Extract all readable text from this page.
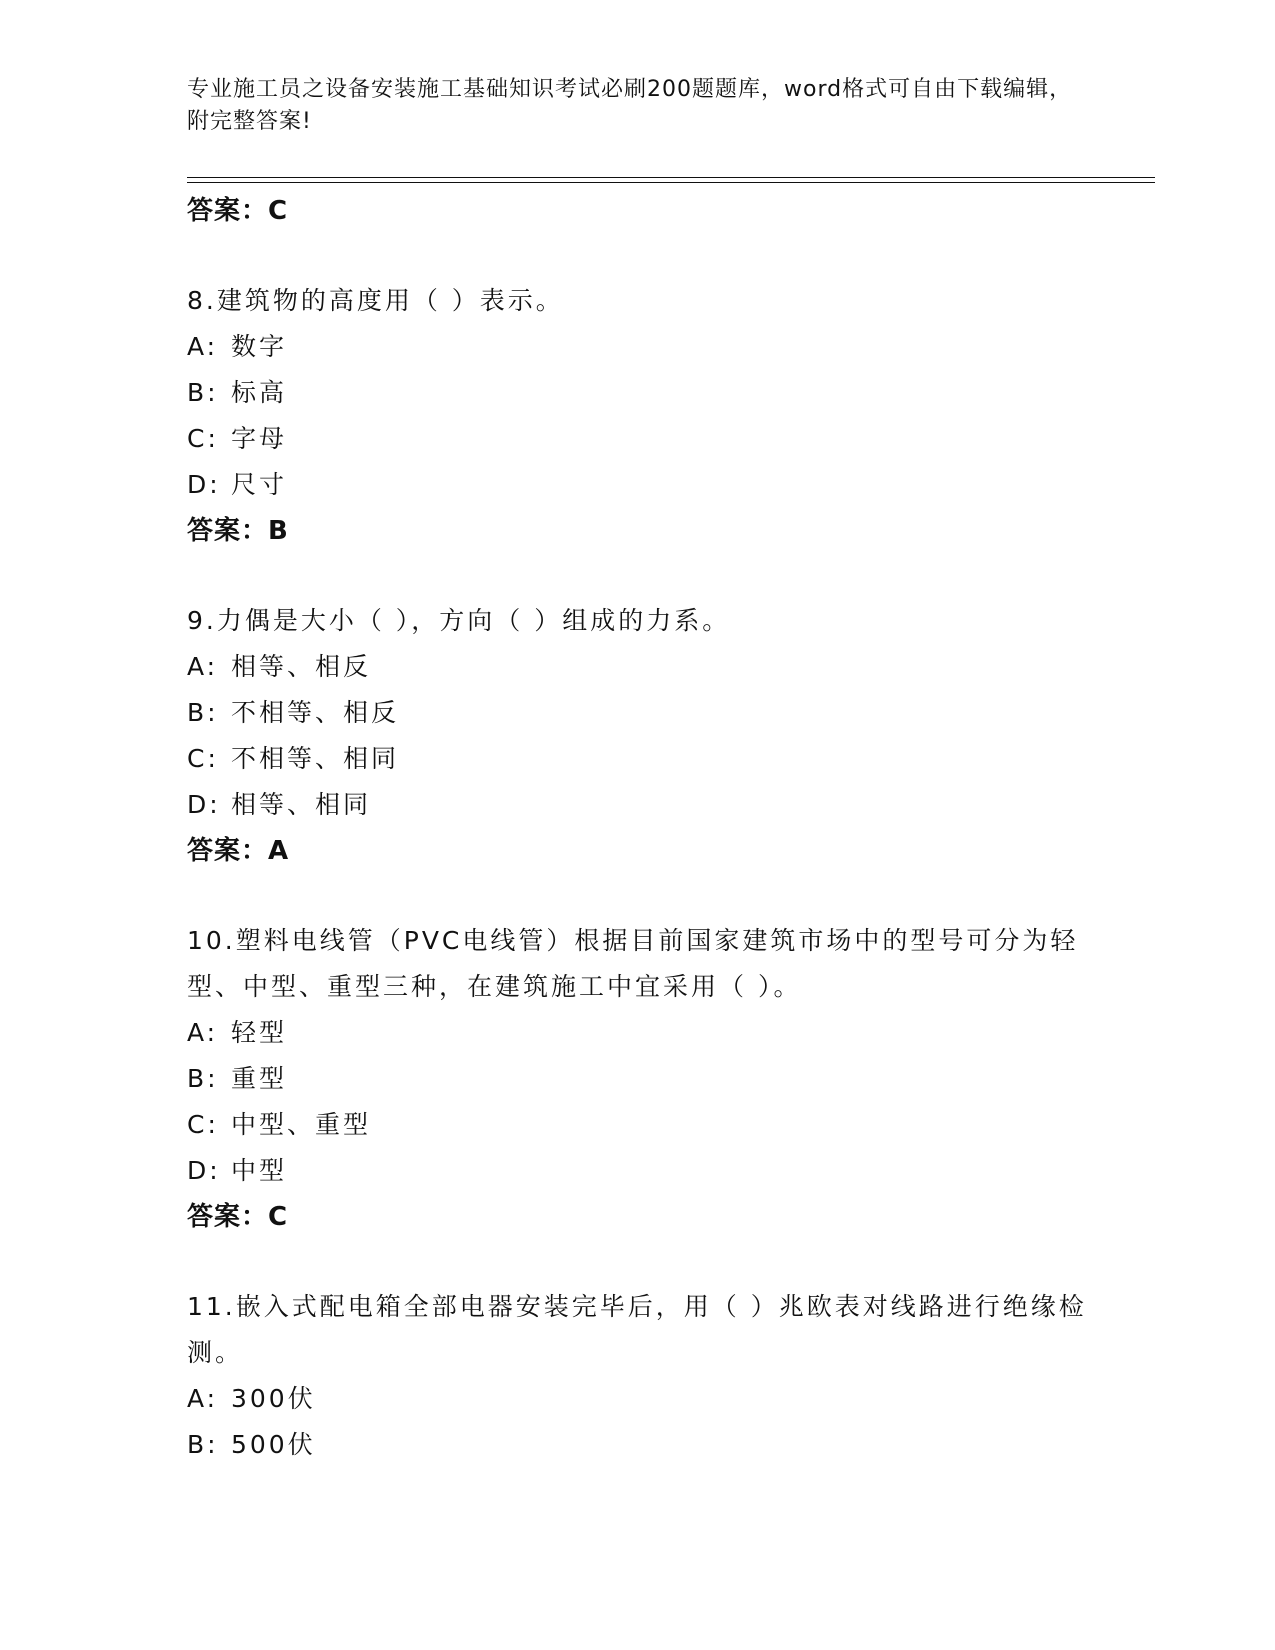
专业施工员之设备安装施工基础知识考试必刷200题题库，word格式可自由下载编辑，附完整答案!

答案：C

8.建筑物的高度用（ ）表示。

A: 数字

B: 标高

C: 字母

D: 尺寸

答案：B

9.力偶是大小（ ），方向（ ）组成的力系。

A: 相等、相反

B: 不相等、相反

C: 不相等、相同

D: 相等、相同

答案：A

10.塑料电线管（PVC电线管）根据目前国家建筑市场中的型号可分为轻型、中型、重型三种，在建筑施工中宜采用（ ）。

A: 轻型

B: 重型

C: 中型、重型

D: 中型

答案：C

11.嵌入式配电箱全部电器安装完毕后，用（ ）兆欧表对线路进行绝缘检测。

A: 300伏

B: 500伏
